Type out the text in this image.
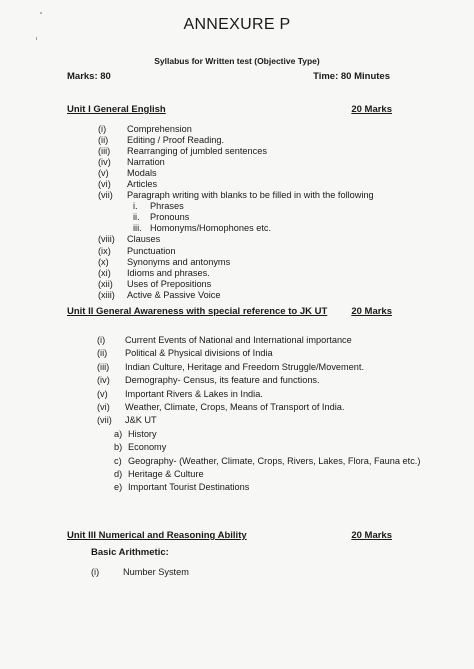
ANNEXURE P
Syllabus for Written test (Objective Type)
Marks: 80	Time: 80 Minutes
Unit I General English	20 Marks
(i)	Comprehension
(ii)	Editing / Proof Reading.
(iii)	Rearranging of jumbled sentences
(iv)	Narration
(v)	Modals
(vi)	Articles
(vii)	Paragraph writing with blanks to be filled in with the following
i.	Phrases
ii.	Pronouns
iii. Homonyms/Homophones etc.
(viii)	Clauses
(ix)	Punctuation
(x)	Synonyms and antonyms
(xi)	Idioms and phrases.
(xii)	Uses of Prepositions
(xiii)	Active & Passive Voice
Unit II General Awareness with special reference to JK UT	20 Marks
(i)	Current Events of National and International importance
(ii)	Political & Physical divisions of India
(iii)	Indian Culture, Heritage and Freedom Struggle/Movement.
(iv)	Demography- Census, its feature and functions.
(v)	Important Rivers & Lakes in India.
(vi)	Weather, Climate, Crops, Means of Transport of India.
(vii)	J&K UT
a) History
b) Economy
c) Geography- (Weather, Climate, Crops, Rivers, Lakes, Flora, Fauna etc.)
d) Heritage & Culture
e) Important Tourist Destinations
Unit III Numerical and Reasoning Ability	20 Marks
Basic Arithmetic:
(i)	Number System
